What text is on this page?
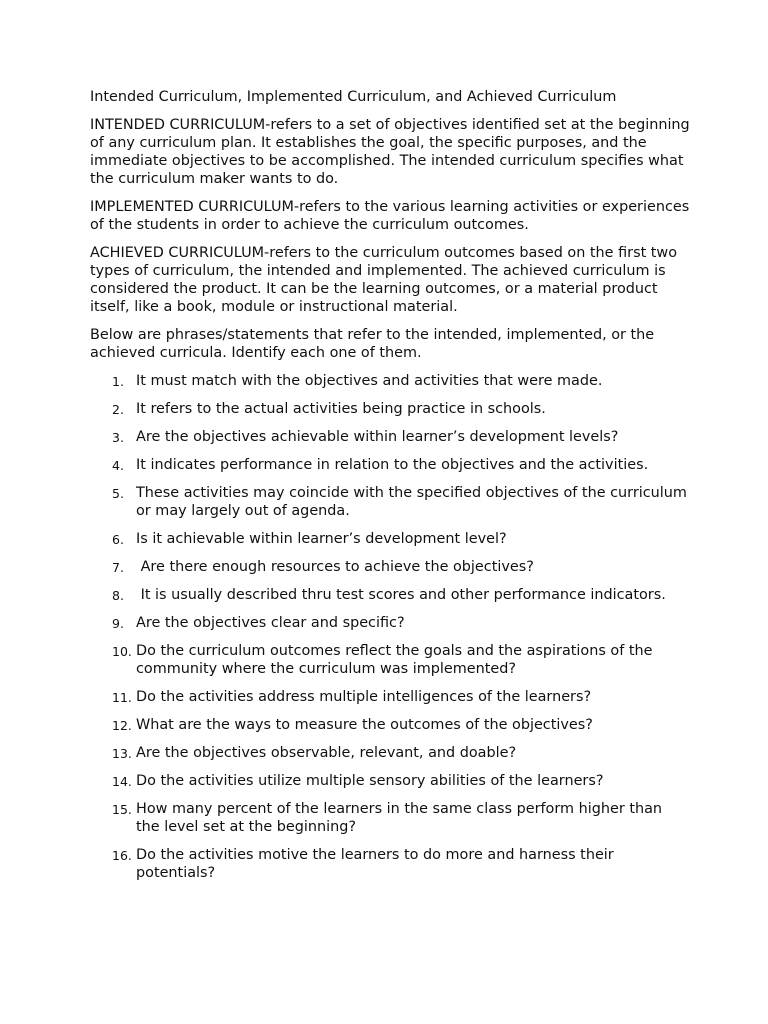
Intended Curriculum, Implemented Curriculum, and Achieved Curriculum

INTENDED CURRICULUM-refers to a set of objectives identified set at the beginning of any curriculum plan. It establishes the goal, the specific purposes, and the immediate objectives to be accomplished. The intended curriculum specifies what the curriculum maker wants to do.

IMPLEMENTED CURRICULUM-refers to the various learning activities or experiences of the students in order to achieve the curriculum outcomes.

ACHIEVED CURRICULUM-refers to the curriculum outcomes based on the first two types of curriculum, the intended and implemented. The achieved curriculum is considered the product. It can be the learning outcomes, or a material product itself, like a book, module or instructional material.

Below are phrases/statements that refer to the intended, implemented, or the achieved curricula. Identify each one of them.

1. It must match with the objectives and activities that were made.
2. It refers to the actual activities being practice in schools.
3. Are the objectives achievable within learner’s development levels?
4. It indicates performance in relation to the objectives and the activities.
5. These activities may coincide with the specified objectives of the curriculum or may largely out of agenda.
6. Is it achievable within learner’s development level?
7. Are there enough resources to achieve the objectives?
8. It is usually described thru test scores and other performance indicators.
9. Are the objectives clear and specific?
10. Do the curriculum outcomes reflect the goals and the aspirations of the community where the curriculum was implemented?
11. Do the activities address multiple intelligences of the learners?
12. What are the ways to measure the outcomes of the objectives?
13. Are the objectives observable, relevant, and doable?
14. Do the activities utilize multiple sensory abilities of the learners?
15. How many percent of the learners in the same class perform higher than the level set at the beginning?
16. Do the activities motive the learners to do more and harness their potentials?
